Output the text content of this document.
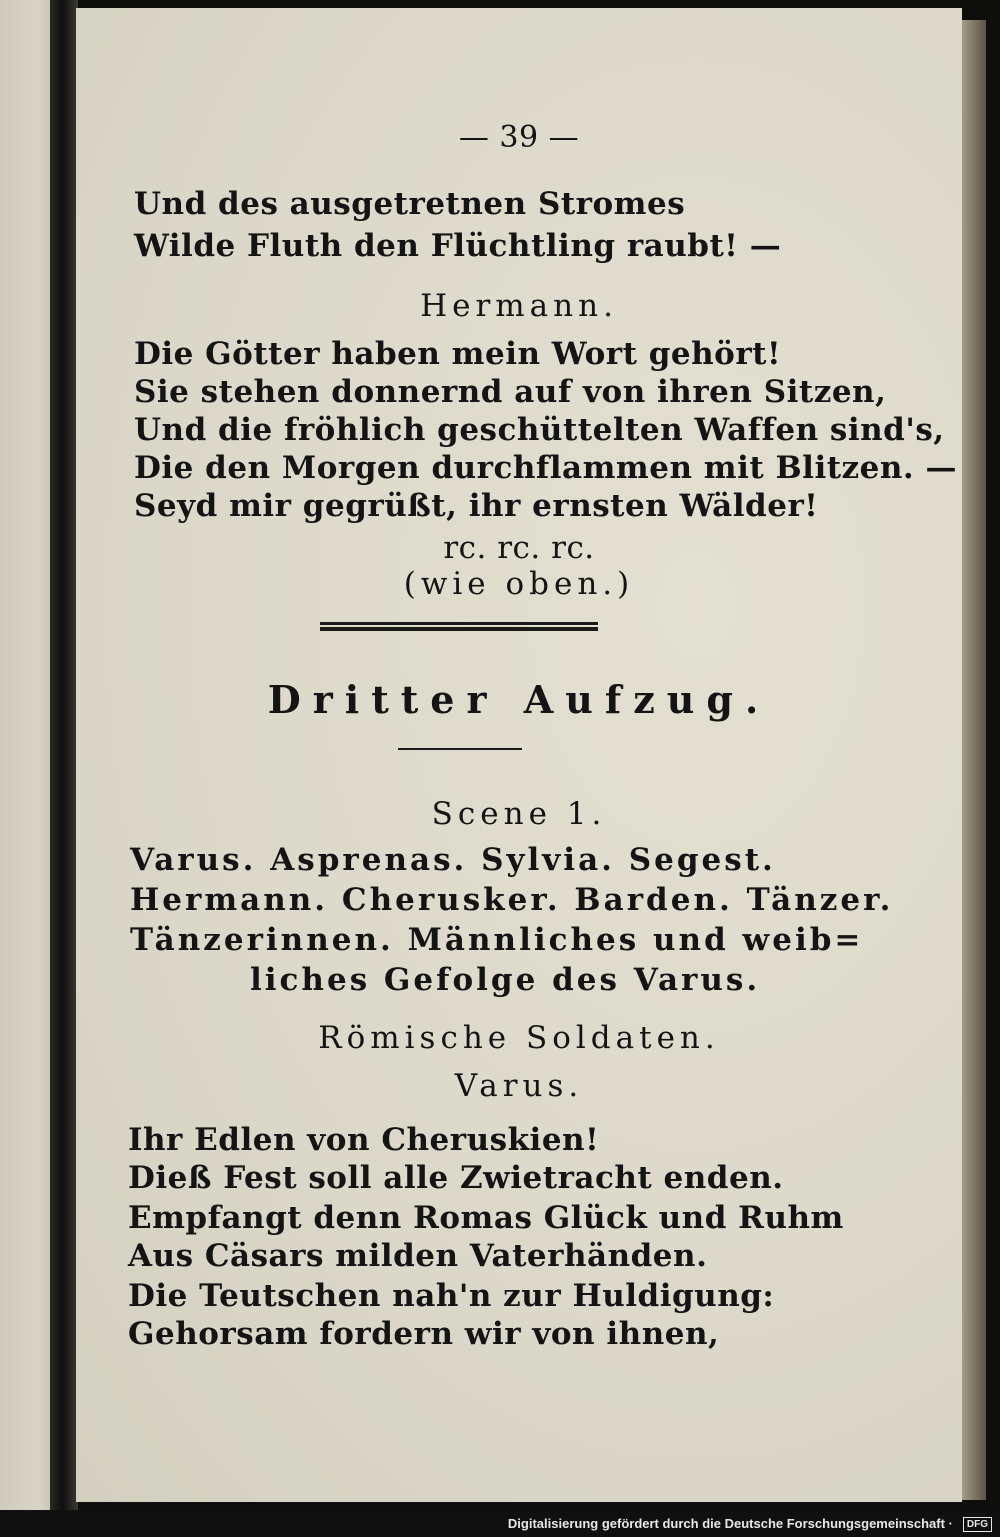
— 39 —
Und des ausgetretnen Stromes
Wilde Fluth den Flüchtling raubt! —
Hermann.
Die Götter haben mein Wort gehört!
Sie stehen donnernd auf von ihren Sitzen,
Und die fröhlich geschüttelten Waffen sind's,
Die den Morgen durchflammen mit Blitzen. —
Seyd mir gegrüßt, ihr ernsten Wälder!
rc. rc. rc.
(wie oben.)
Dritter Aufzug.
Scene 1.
Varus. Asprenas. Sylvia. Segest.
Hermann. Cherusker. Barden. Tänzer.
Tänzerinnen. Männliches und weib=
liches Gefolge des Varus.
Römische Soldaten.
Varus.
Ihr Edlen von Cheruskien!
Dieß Fest soll alle Zwietracht enden.
Empfangt denn Romas Glück und Ruhm
Aus Cäsars milden Vaterhänden.
Die Teutschen nah'n zur Huldigung:
Gehorsam fordern wir von ihnen,
Digitalisierung gefördert durch die Deutsche Forschungsgemeinschaft · DFG
